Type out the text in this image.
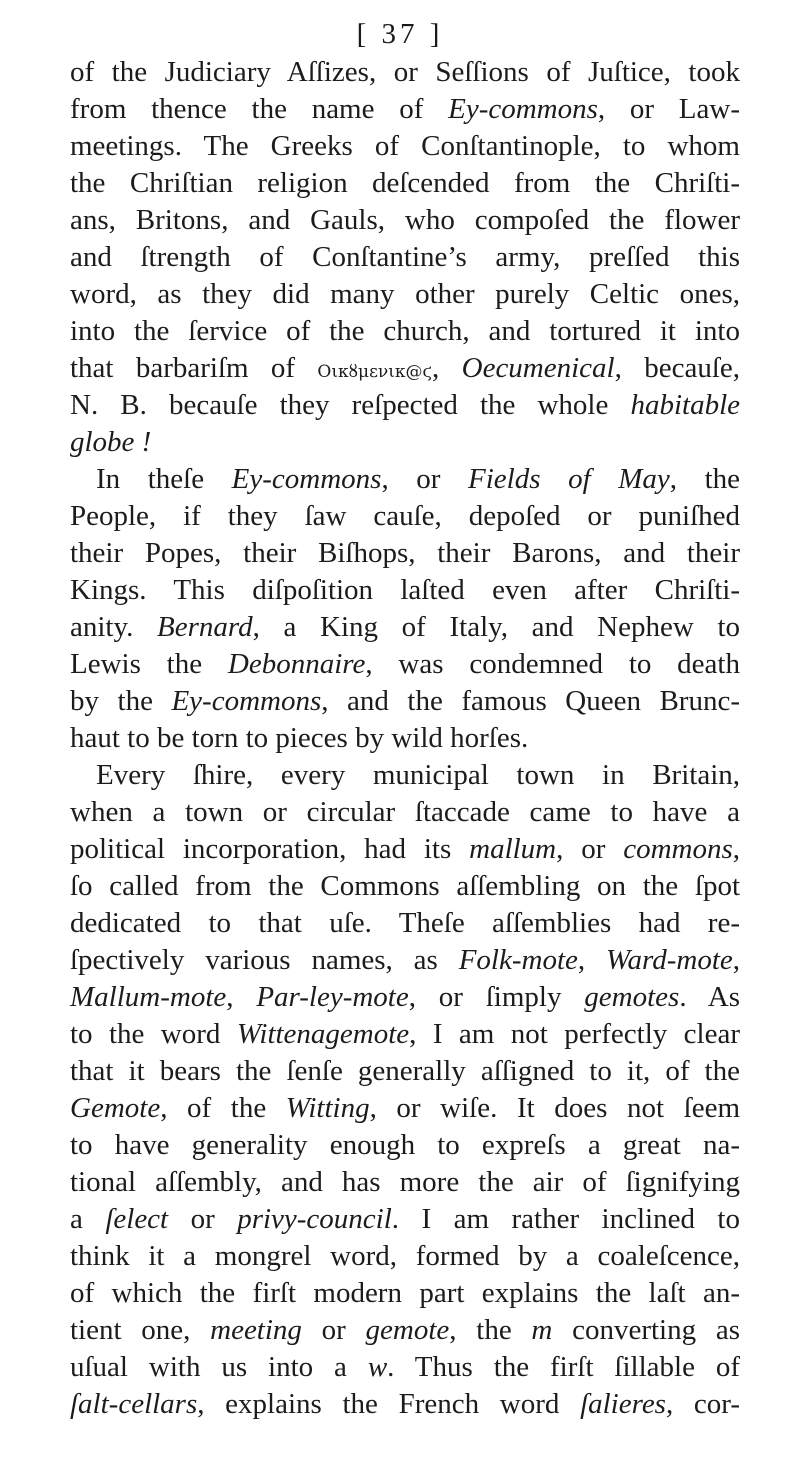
[ 37 ]
of the Judiciary Aſſizes, or Seſſions of Juſtice, took
from thence the name of Ey-commons, or Law-
meetings. The Greeks of Conſtantinople, to whom
the Chriſtian religion deſcended from the Chriſti-
ans, Britons, and Gauls, who compoſed the flower
and ſtrength of Conſtantine’s army, preſſed this
word, as they did many other purely Celtic ones,
into the ſervice of the church, and tortured it into
that barbariſm of Οικȣμενικ@ϛ, Oecumenical, becauſe,
N. B. becauſe they reſpected the whole habitable
globe !
In theſe Ey-commons, or Fields of May, the
People, if they ſaw cauſe, depoſed or puniſhed
their Popes, their Biſhops, their Barons, and their
Kings. This diſpoſition laſted even after Chriſti-
anity. Bernard, a King of Italy, and Nephew to
Lewis the Debonnaire, was condemned to death
by the Ey-commons, and the famous Queen Brunc-
haut to be torn to pieces by wild horſes.
Every ſhire, every municipal town in Britain,
when a town or circular ſtaccade came to have a
political incorporation, had its mallum, or commons,
ſo called from the Commons aſſembling on the ſpot
dedicated to that uſe. Theſe aſſemblies had re-
ſpectively various names, as Folk-mote, Ward-mote,
Mallum-mote, Par-ley-mote, or ſimply gemotes. As
to the word Wittenagemote, I am not perfectly clear
that it bears the ſenſe generally aſſigned to it, of the
Gemote, of the Witting, or wiſe. It does not ſeem
to have generality enough to expreſs a great na-
tional aſſembly, and has more the air of ſignifying
a ſelect or privy-council. I am rather inclined to
think it a mongrel word, formed by a coaleſcence,
of which the firſt modern part explains the laſt an-
tient one, meeting or gemote, the m converting as
uſual with us into a w. Thus the firſt ſillable of
ſalt-cellars, explains the French word ſalieres, cor-
